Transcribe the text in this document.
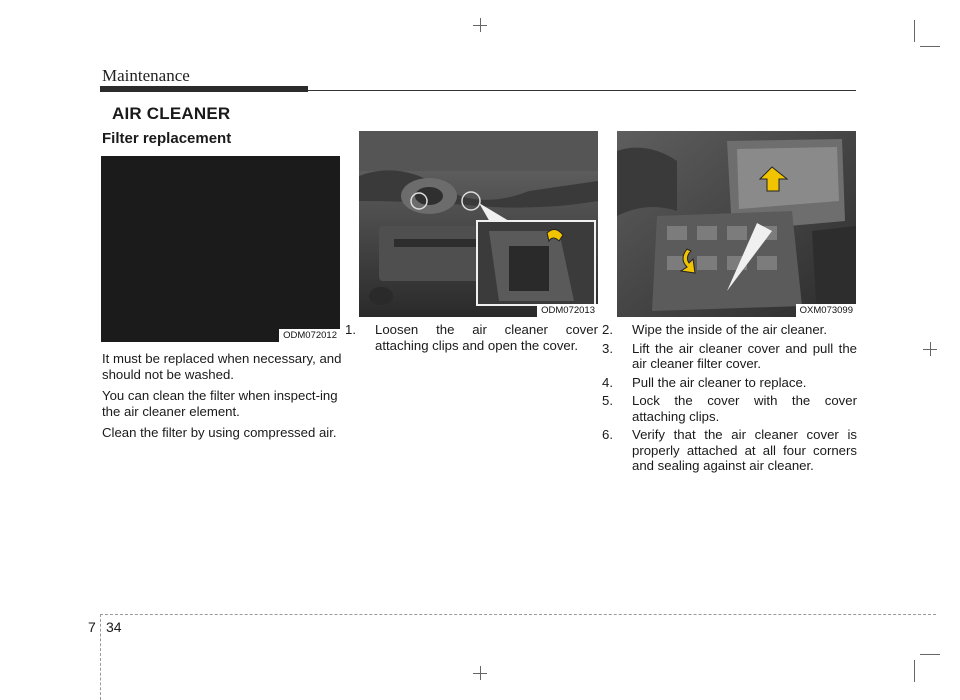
Maintenance
AIR CLEANER
Filter replacement
ODM072012
ODM072013	OXM073099

It must be replaced when necessary, and should not be washed.

You can clean the filter when inspect-ing the air cleaner element.

Clean the filter by using compressed air.

1. Loosen the air cleaner cover attaching clips and open the cover.
2. Wipe the inside of the air cleaner.
3. Lift the air cleaner cover and pull the air cleaner filter cover.
4. Pull the air cleaner to replace.
5. Lock the cover with the cover attaching clips.
6. Verify that the air cleaner cover is properly attached at all four corners and sealing against air cleaner.
7 34
